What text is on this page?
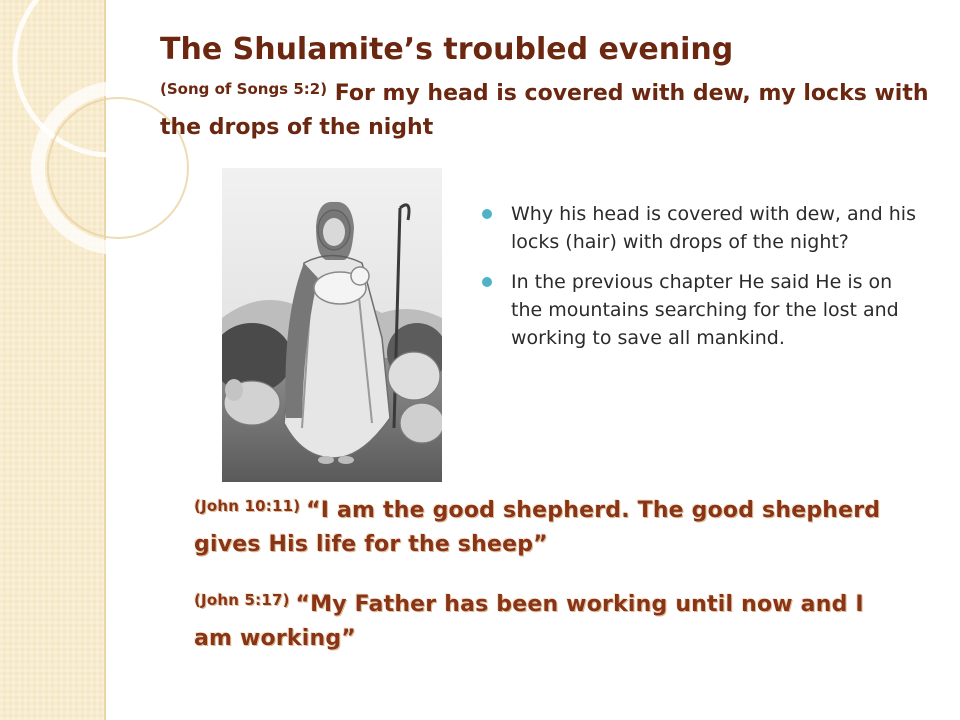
The Shulamite’s troubled evening

$^{(Song of Songs 5:2)}$ For my head is covered with dew, my locks with the drops of the night

Why his head is covered with dew, and his locks (hair) with drops of the night?
In the previous chapter He said He is on the mountains searching for the lost and working to save all mankind.
(John 10:11) “I am the good shepherd. The good shepherd gives His life for the sheep”
(John 5:17) “My Father has been working until now and I am working”
